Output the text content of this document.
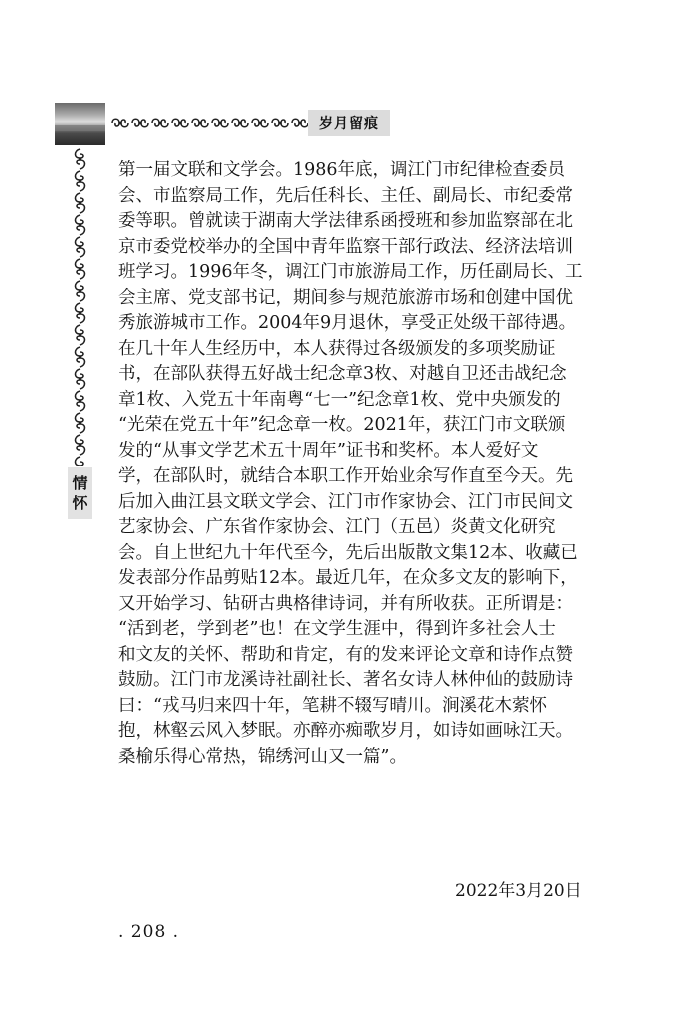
岁月留痕
情
怀
第一届文联和文学会。1986年底，调江门市纪律检查委员
会、市监察局工作，先后任科长、主任、副局长、市纪委常
委等职。曾就读于湖南大学法律系函授班和参加监察部在北
京市委党校举办的全国中青年监察干部行政法、经济法培训
班学习。1996年冬，调江门市旅游局工作，历任副局长、工
会主席、党支部书记，期间参与规范旅游市场和创建中国优
秀旅游城市工作。2004年9月退休，享受正处级干部待遇。
在几十年人生经历中，本人获得过各级颁发的多项奖励证
书，在部队获得五好战士纪念章3枚、对越自卫还击战纪念
章1枚、入党五十年南粤“七一”纪念章1枚、党中央颁发的
“光荣在党五十年”纪念章一枚。2021年，获江门市文联颁
发的“从事文学艺术五十周年”证书和奖杯。本人爱好文
学，在部队时，就结合本职工作开始业余写作直至今天。先
后加入曲江县文联文学会、江门市作家协会、江门市民间文
艺家协会、广东省作家协会、江门（五邑）炎黄文化研究
会。自上世纪九十年代至今，先后出版散文集12本、收藏已
发表部分作品剪贴12本。最近几年，在众多文友的影响下，
又开始学习、钻研古典格律诗词，并有所收获。正所谓是：
“活到老，学到老”也！在文学生涯中，得到许多社会人士
和文友的关怀、帮助和肯定，有的发来评论文章和诗作点赞
鼓励。江门市龙溪诗社副社长、著名女诗人林仲仙的鼓励诗
曰：“戎马归来四十年，笔耕不辍写晴川。涧溪花木萦怀
抱，林壑云风入梦眠。亦醉亦痴歌岁月，如诗如画咏江天。
桑榆乐得心常热，锦绣河山又一篇”。
2022年3月20日
. 208 .
